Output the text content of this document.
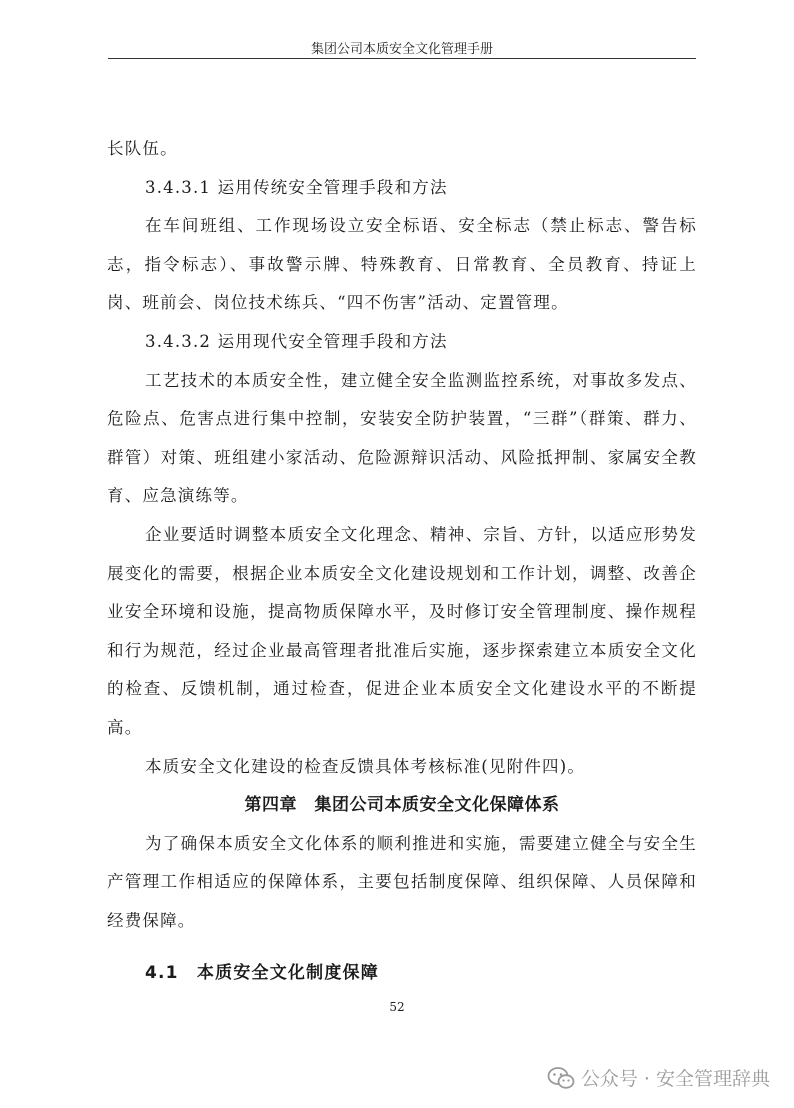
集团公司本质安全文化管理手册

长队伍。

3.4.3.1 运用传统安全管理手段和方法

在车间班组、工作现场设立安全标语、安全标志（禁止标志、警告标志，指令标志）、事故警示牌、特殊教育、日常教育、全员教育、持证上岗、班前会、岗位技术练兵、“四不伤害”活动、定置管理。

3.4.3.2 运用现代安全管理手段和方法

工艺技术的本质安全性，建立健全安全监测监控系统，对事故多发点、危险点、危害点进行集中控制，安装安全防护装置，“三群”（群策、群力、群管）对策、班组建小家活动、危险源辩识活动、风险抵押制、家属安全教育、应急演练等。

企业要适时调整本质安全文化理念、精神、宗旨、方针，以适应形势发展变化的需要，根据企业本质安全文化建设规划和工作计划，调整、改善企业安全环境和设施，提高物质保障水平，及时修订安全管理制度、操作规程和行为规范，经过企业最高管理者批准后实施，逐步探索建立本质安全文化的检查、反馈机制，通过检查，促进企业本质安全文化建设水平的不断提高。

本质安全文化建设的检查反馈具体考核标准(见附件四)。

第四章　集团公司本质安全文化保障体系

为了确保本质安全文化体系的顺利推进和实施，需要建立健全与安全生产管理工作相适应的保障体系，主要包括制度保障、组织保障、人员保障和经费保障。

4.1　本质安全文化制度保障

52
公众号 · 安全管理辞典
